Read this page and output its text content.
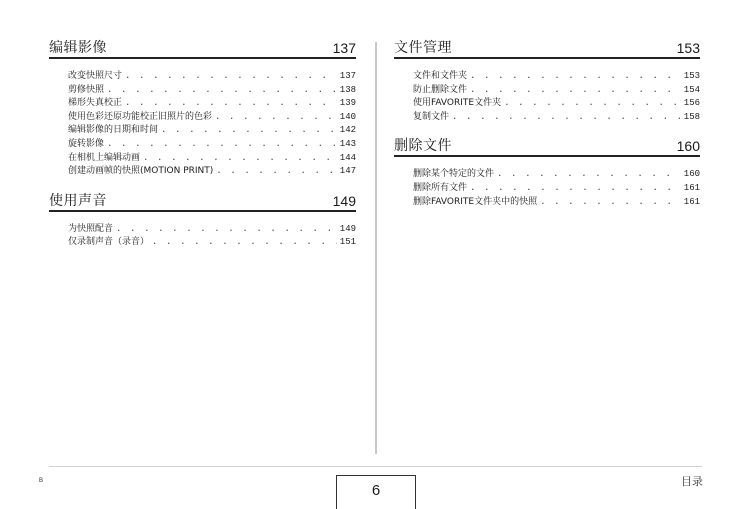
编辑影像	137
改变快照尺寸 . . .	137
剪修快照 . . .	138
梯形失真校正 . . .	139
使用色彩还原功能校正旧照片的色彩 . . .	140
编辑影像的日期和时间 . . .	142
旋转影像 . . .	143
在相机上编辑动画 . . .	144
创建动画帧的快照(MOTION PRINT) . . .	147
使用声音	149
为快照配音 . . .	149
仅录制声音（录音） . . .	151
文件管理	153
文件和文件夹 . . .	153
防止删除文件 . . .	154
使用FAVORITE文件夹 . . .	156
复制文件 . . .	158
删除文件	160
删除某个特定的文件 . . .	160
删除所有文件 . . .	161
删除FAVORITE文件夹中的快照 . . .	161
B
6
目录
